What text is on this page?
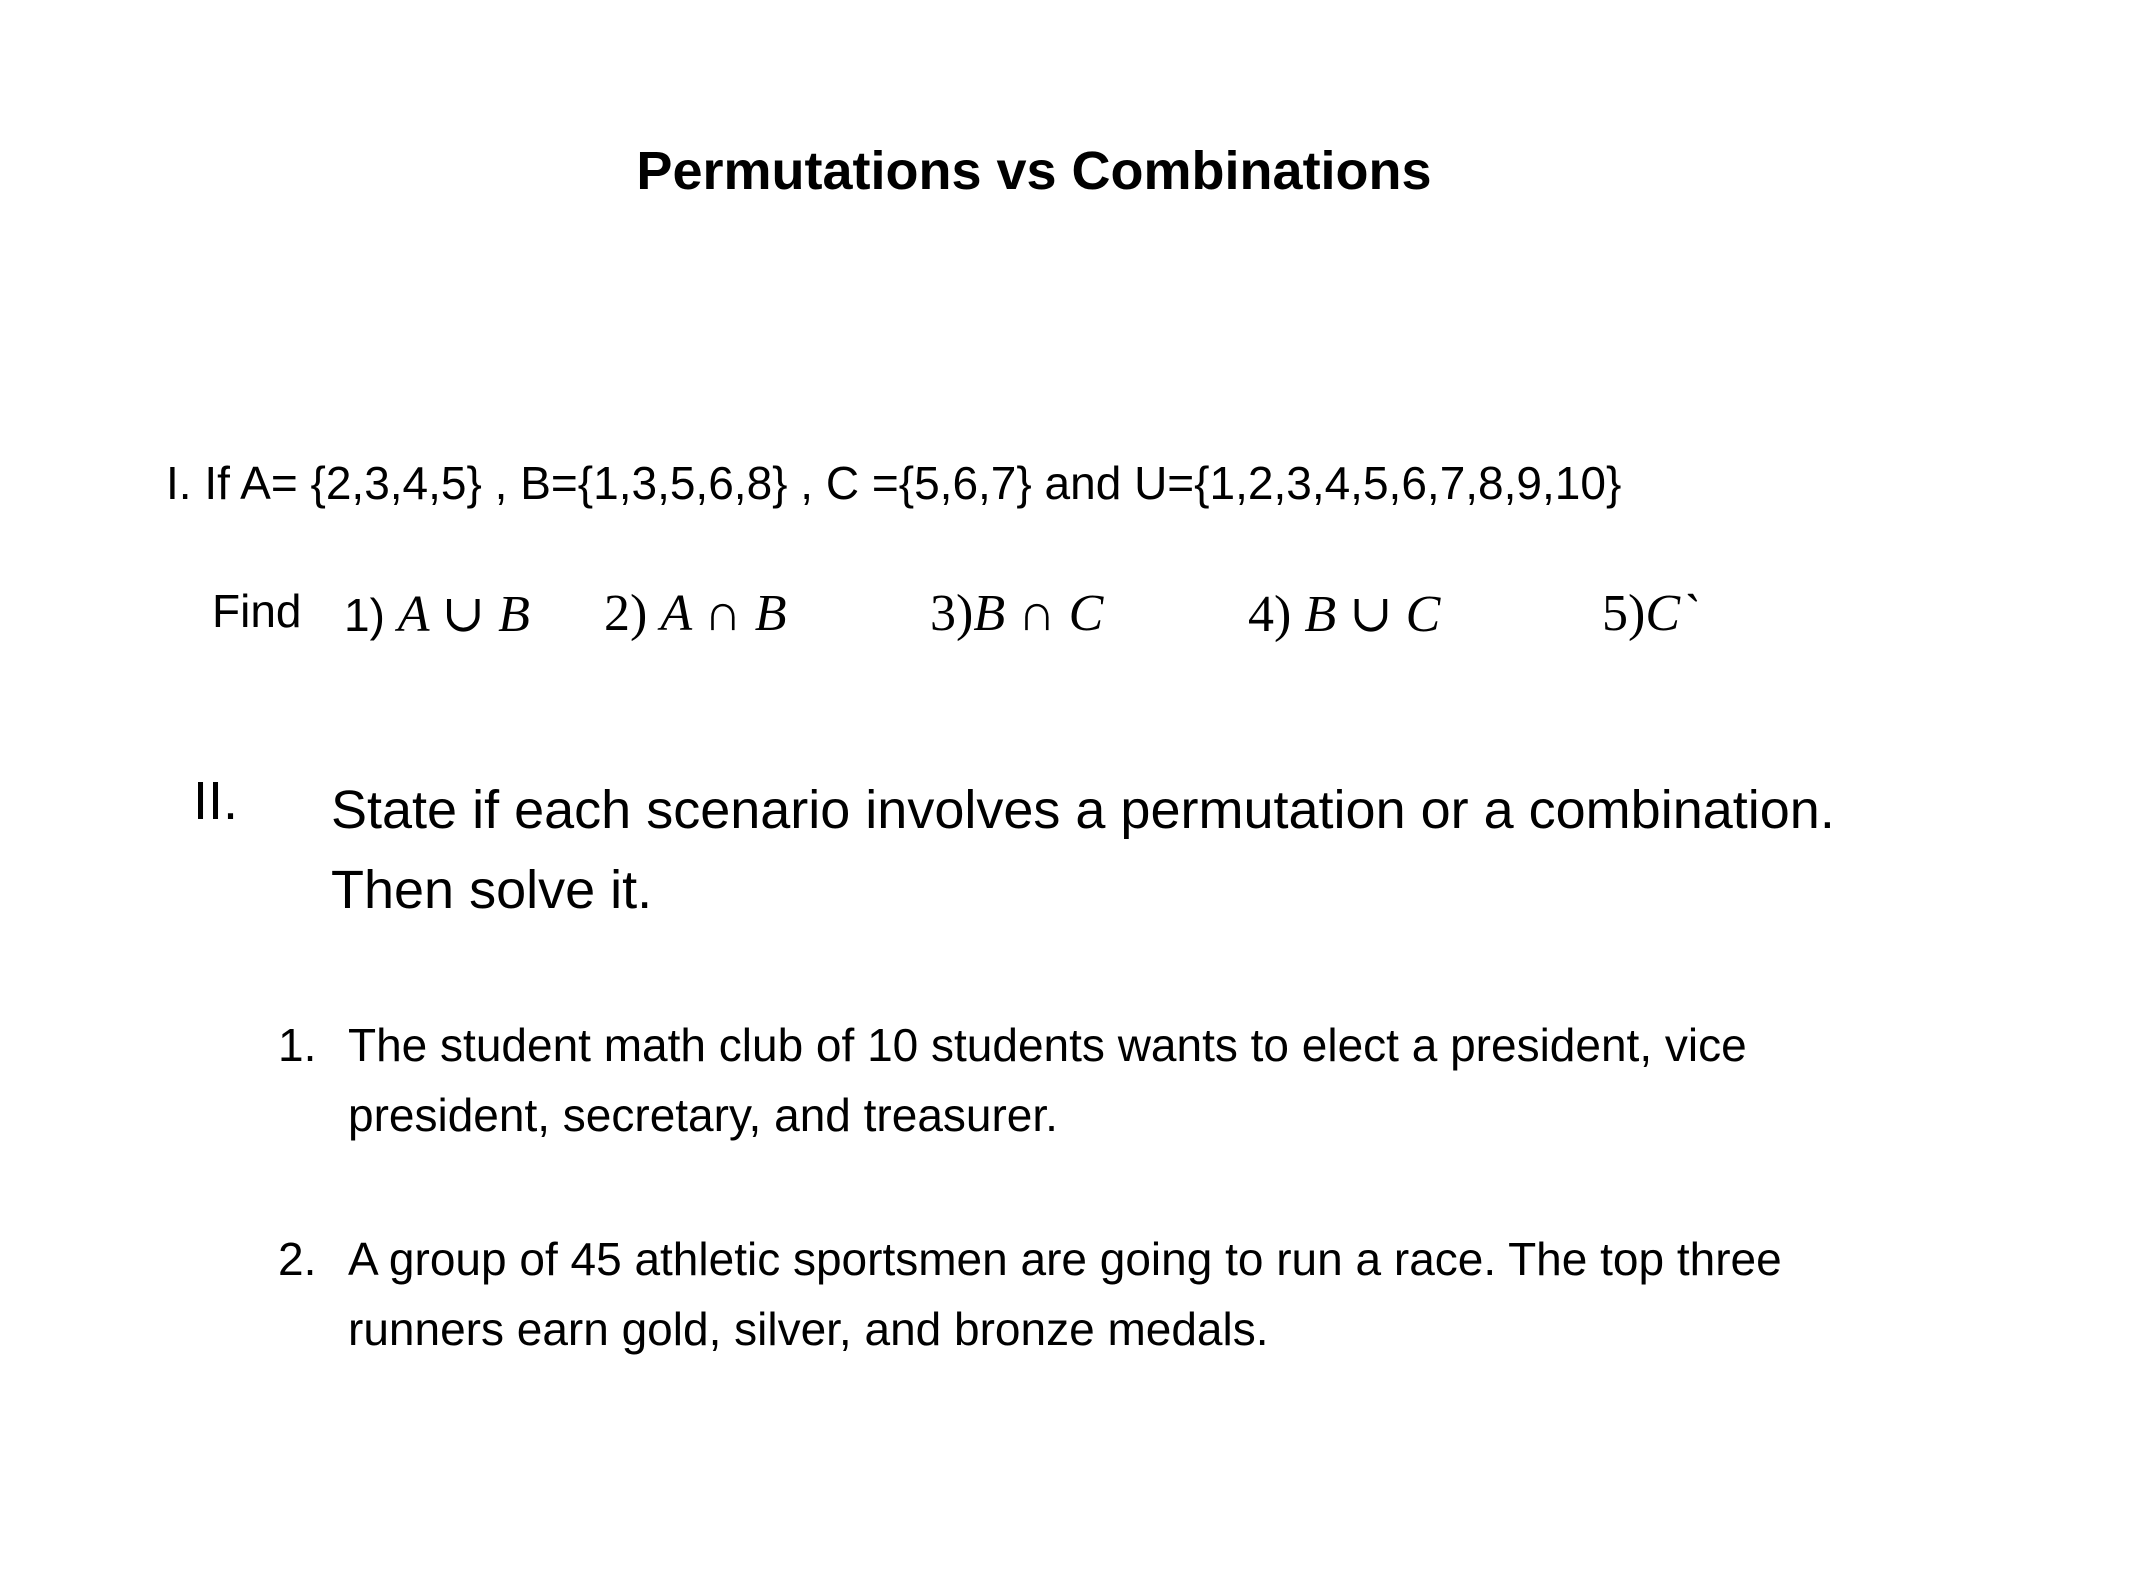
Permutations vs Combinations
I. If A= {2,3,4,5} , B={1,3,5,6,8} , C ={5,6,7} and U={1,2,3,4,5,6,7,8,9,10}
Find 1) A ∪ B 2) A ∩ B	3)B ∩ C	4) B ∪ C	5)C`
II. State if each scenario involves a permutation or a combination.
Then solve it.
1. The student math club of 10 students wants to elect a president, vice
president, secretary, and treasurer.
2. A group of 45 athletic sportsmen are going to run a race. The top three
runners earn gold, silver, and bronze medals.
